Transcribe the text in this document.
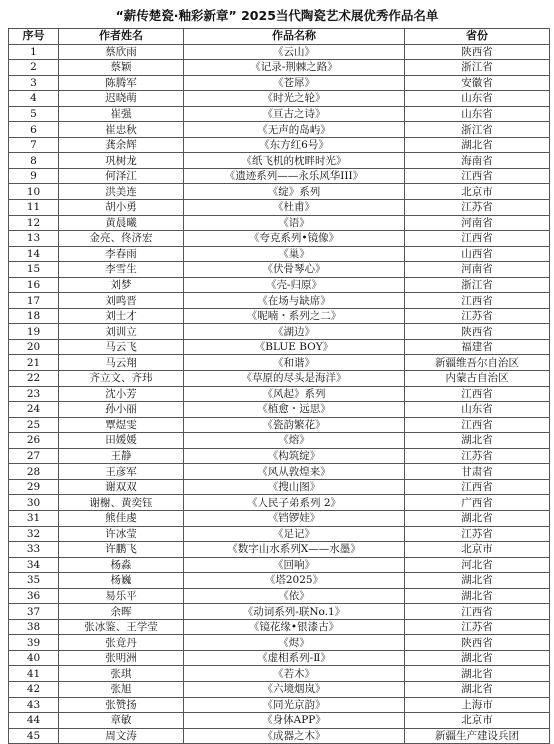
“薪传楚瓷·釉彩新章” 2025当代陶瓷艺术展优秀作品名单
序号	作者姓名	作品名称	省份
1	蔡欣雨	《云山》	陕西省
2	蔡颖	《记录-荆棘之路》	浙江省
3	陈腾军	《苍犀》	安徽省
4	迟晓萌	《时光之轮》	山东省
5	崔强	《亘古之诗》	山东省
6	崔忠秋	《无声的岛屿》	浙江省
7	龚余辉	《东方红6号》	湖北省
8	巩树龙	《纸飞机的枕畔时光》	海南省
9	何泽江	《遗迹系列——永乐风华III》	江西省
10	洪美连	《绽》系列	北京市
11	胡小勇	《杜甫》	江苏省
12	黄晨曦	《语》	河南省
13	金亮、佟济宏	《夸克系列•镜像》	江西省
14	李春雨	《巢》	山西省
15	李雪生	《伏骨琴心》	河南省
16	刘梦	《壳-归原》	浙江省
17	刘鸣晋	《在场与缺席》	江西省
18	刘士才	《呢喃・系列之二》	江苏省
19	刘训立	《湖边》	陕西省
20	马云飞	《BLUE BOY》	福建省
21	马云翔	《和谐》	新疆维吾尔自治区
22	齐立文、齐玮	《草原的尽头是海洋》	内蒙古自治区
23	沈小芳	《风起》系列	江西省
24	孙小丽	《植愈・远思》	山东省
25	覃煜雯	《瓷韵繁花》	江西省
26	田媛媛	《熔》	湖北省
27	王静	《构筑绽》	江苏省
28	王彦军	《风从敦煌来》	甘肃省
29	谢双双	《搜山图》	江西省
30	谢榭、黄奕钰	《人民子弟系列 2》	广西省
31	熊佳虔	《铛锣娃》	湖北省
32	许冰莹	《足记》	江苏省
33	许鹏飞	《数字山水系列X——水墨》	北京市
34	杨淼	《回响》	河北省
35	杨巍	《塔2025》	湖北省
36	易乐平	《依》	湖北省
37	余晖	《动词系列-联No.1》	江西省
38	张冰鉴、王学莹	《镜花缘•银漆古》	江苏省
39	张竟丹	《烬》	陕西省
40	张明洲	《虚相系列-Ⅱ》	湖北省
41	张琪	《若木》	湖北省
42	张旭	《六境烟岚》	湖北省
43	张赞扬	《同光京韵》	上海市
44	章敏	《身体APP》	北京市
45	周文涛	《成器之木》	新疆生产建设兵团
